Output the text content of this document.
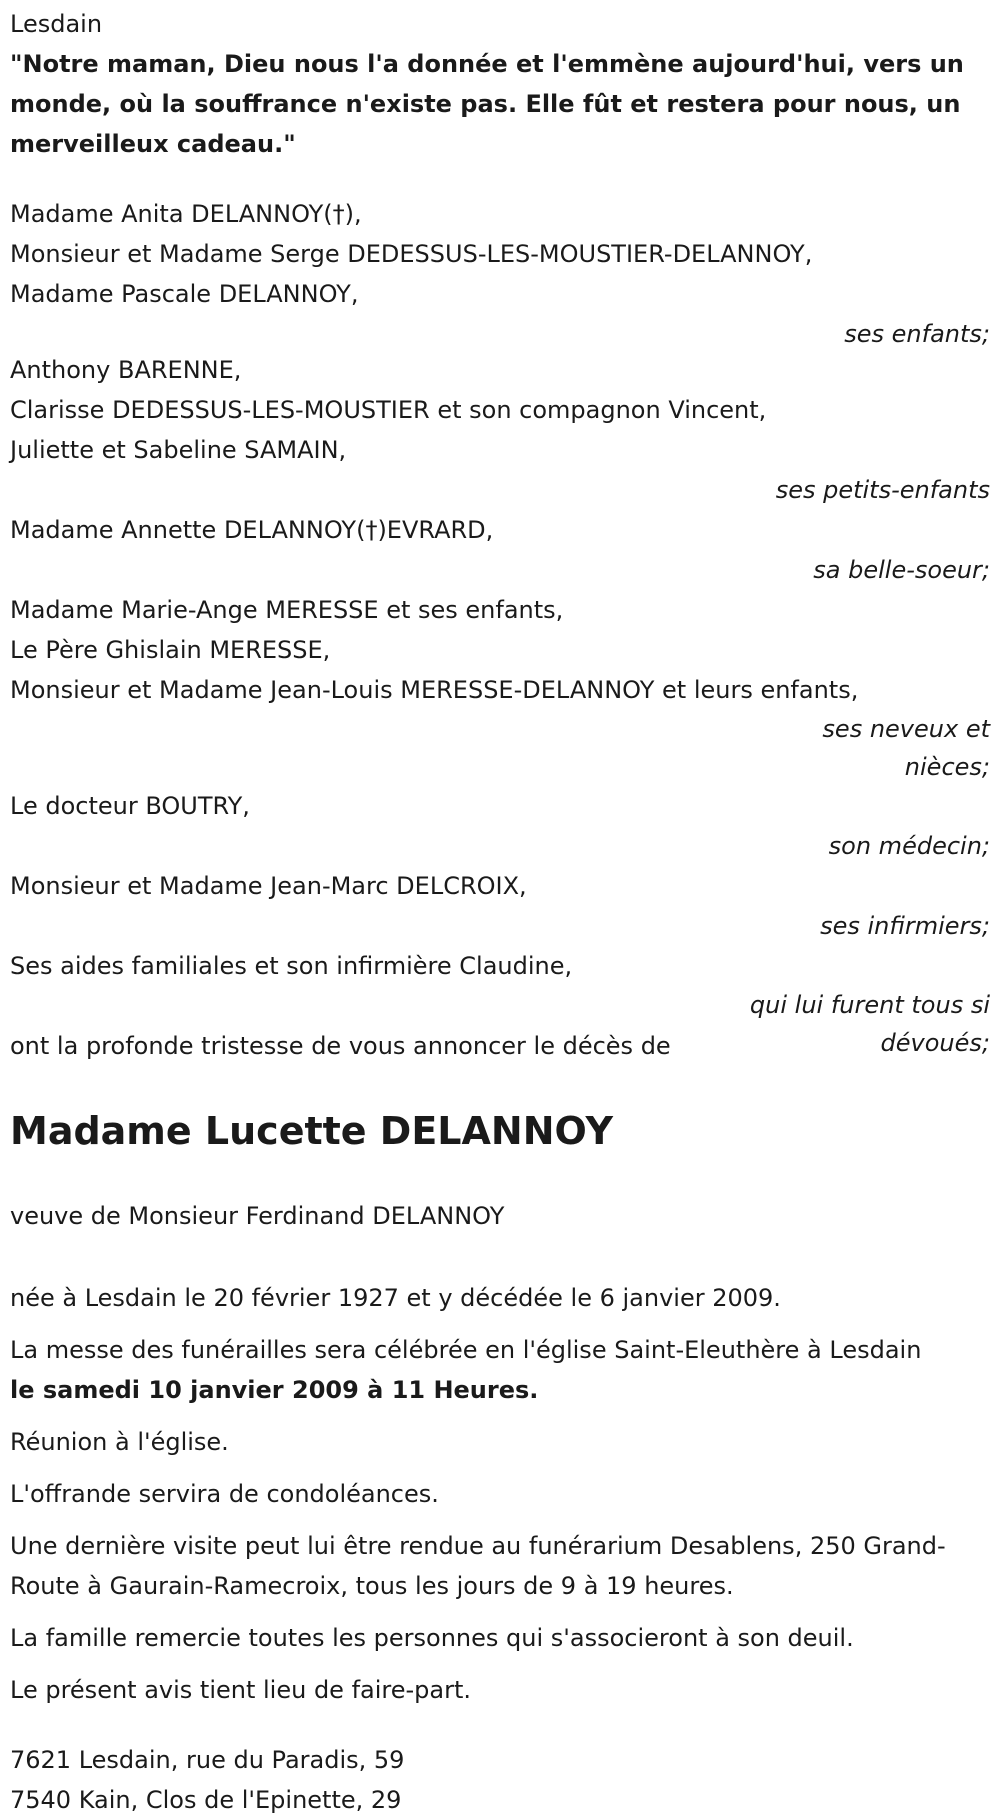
Lesdain

"Notre maman, Dieu nous l'a donnée et l'emmène aujourd'hui, vers un monde, où la souffrance n'existe pas. Elle fût et restera pour nous, un merveilleux cadeau."

Madame Anita DELANNOY(†),

Monsieur et Madame Serge DEDESSUS-LES-MOUSTIER-DELANNOY,

Madame Pascale DELANNOY,

ses enfants;

Anthony BARENNE,

Clarisse DEDESSUS-LES-MOUSTIER et son compagnon Vincent,

Juliette et Sabeline SAMAIN,

ses petits-enfants

Madame Annette DELANNOY(†)EVRARD,

sa belle-soeur;

Madame Marie-Ange MERESSE et ses enfants,

Le Père Ghislain MERESSE,

Monsieur et Madame Jean-Louis MERESSE-DELANNOY et leurs enfants,

ses neveux et nièces;

Le docteur BOUTRY,

son médecin;

Monsieur et Madame Jean-Marc DELCROIX,

ses infirmiers;

Ses aides familiales et son infirmière Claudine,

qui lui furent tous si dévoués;

ont la profonde tristesse de vous annoncer le décès de

Madame Lucette DELANNOY

veuve de Monsieur Ferdinand DELANNOY

née à Lesdain le 20 février 1927 et y décédée le 6 janvier 2009.

La messe des funérailles sera célébrée en l'église Saint-Eleuthère à Lesdain le samedi 10 janvier 2009 à 11 Heures.

Réunion à l'église.

L'offrande servira de condoléances.

Une dernière visite peut lui être rendue au funérarium Desablens, 250 Grand-Route à Gaurain-Ramecroix, tous les jours de 9 à 19 heures.

La famille remercie toutes les personnes qui s'associeront à son deuil.

Le présent avis tient lieu de faire-part.

7621 Lesdain, rue du Paradis, 59

7540 Kain, Clos de l'Epinette, 29
